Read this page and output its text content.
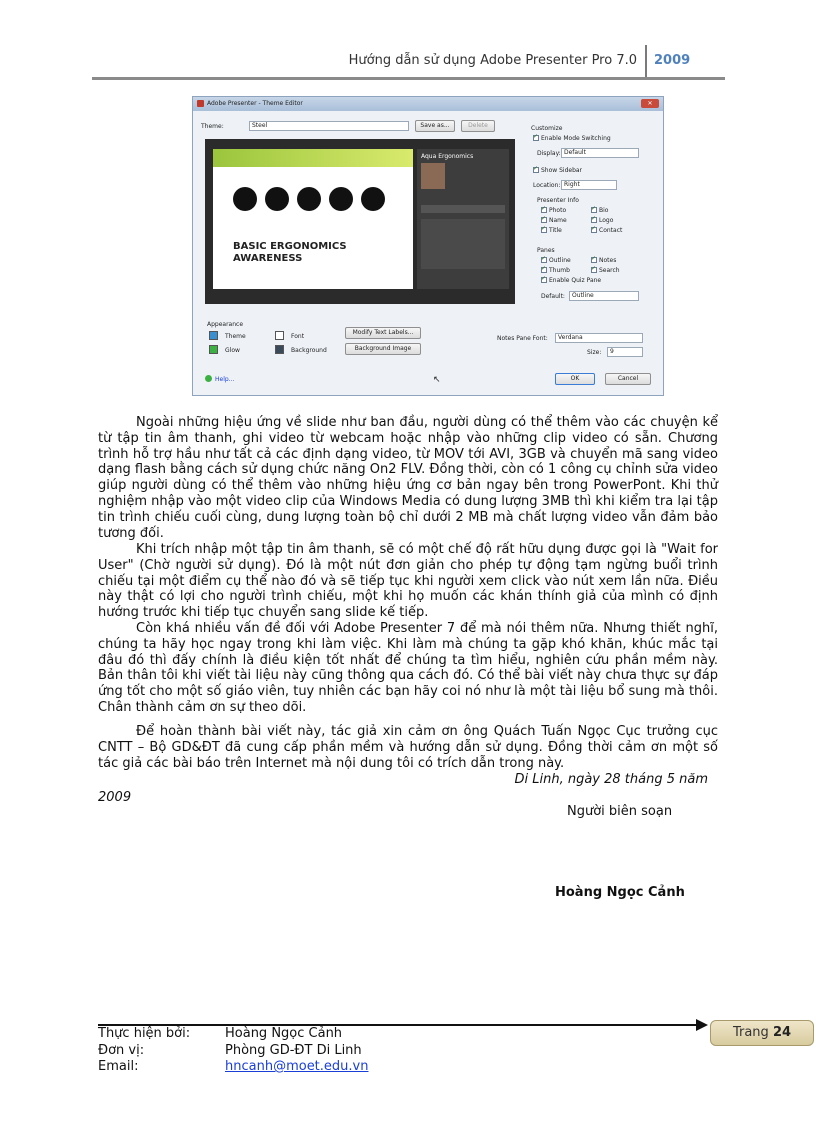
Hướng dẫn sử dụng Adobe Presenter Pro 7.0 2009
Adobe Presenter - Theme Editor	✕
Theme:	Steel	Save as...	Delete
BASIC ERGONOMICS
AWARENESS
Aqua Ergonomics
Customize
✓
Enable Mode Switching
Display: Default
✓
Show Sidebar
Location: Right
Presenter Info
✓
Photo ✓	Bio
✓
Name ✓	Logo
✓
Title ✓	Contact
Panes
✓
Outline ✓	Notes
✓
Thumb ✓	Search
✓
Enable Quiz Pane
Default:	Outline
Appearance
Theme	Font
Glow	Background
Modify Text Labels...
Background Image
Notes Pane Font:	Verdana
Size:	9
Help...	↖	OK	Cancel
Ngoài những hiệu ứng về slide như ban đầu, người dùng có thể thêm vào các chuyện kể từ tập tin âm thanh, ghi video từ webcam hoặc nhập vào những clip video có sẵn. Chương trình hỗ trợ hầu như tất cả các định dạng video, từ MOV tới AVI, 3GB và chuyển mã sang video dạng flash bằng cách sử dụng chức năng On2 FLV. Đồng thời, còn có 1 công cụ chỉnh sửa video giúp người dùng có thể thêm vào những hiệu ứng cơ bản ngay bên trong PowerPont. Khi thử nghiệm nhập vào một video clip của Windows Media có dung lượng 3MB thì khi kiểm tra lại tập tin trình chiếu cuối cùng, dung lượng toàn bộ chỉ dưới 2 MB mà chất lượng video vẫn đảm bảo tương đối.
Khi trích nhập một tập tin âm thanh, sẽ có một chế độ rất hữu dụng được gọi là "Wait for User" (Chờ người sử dụng). Đó là một nút đơn giản cho phép tự động tạm ngừng buổi trình chiếu tại một điểm cụ thể nào đó và sẽ tiếp tục khi người xem click vào nút xem lần nữa. Điều này thật có lợi cho người trình chiếu, một khi họ muốn các khán thính giả của mình có định hướng trước khi tiếp tục chuyển sang slide kế tiếp.
Còn khá nhiều vấn đề đối với Adobe Presenter 7 để mà nói thêm nữa. Nhưng thiết nghĩ, chúng ta hãy học ngay trong khi làm việc. Khi làm mà chúng ta gặp khó khăn, khúc mắc tại đâu đó thì đấy chính là điều kiện tốt nhất để chúng ta tìm hiểu, nghiên cứu phần mềm này. Bản thân tôi khi viết tài liệu này cũng thông qua cách đó. Có thể bài viết này chưa thực sự đáp ứng tốt cho một số giáo viên, tuy nhiên các bạn hãy coi nó như là một tài liệu bổ sung mà thôi. Chân thành cảm ơn sự theo dõi.
Để hoàn thành bài viết này, tác giả xin cảm ơn ông Quách Tuấn Ngọc Cục trưởng cục CNTT – Bộ GD&ĐT đã cung cấp phần mềm và hướng dẫn sử dụng. Đồng thời cảm ơn một số tác giả các bài báo trên Internet mà nội dung tôi có trích dẫn trong này.
Di Linh, ngày 28 tháng 5 năm
2009
Người biên soạn
Hoàng Ngọc Cảnh
Trang 24
Thực hiện bởi:	Hoàng Ngọc Cảnh
Đơn vị:	Phòng GD-ĐT Di Linh
Email:	hncanh@moet.edu.vn
